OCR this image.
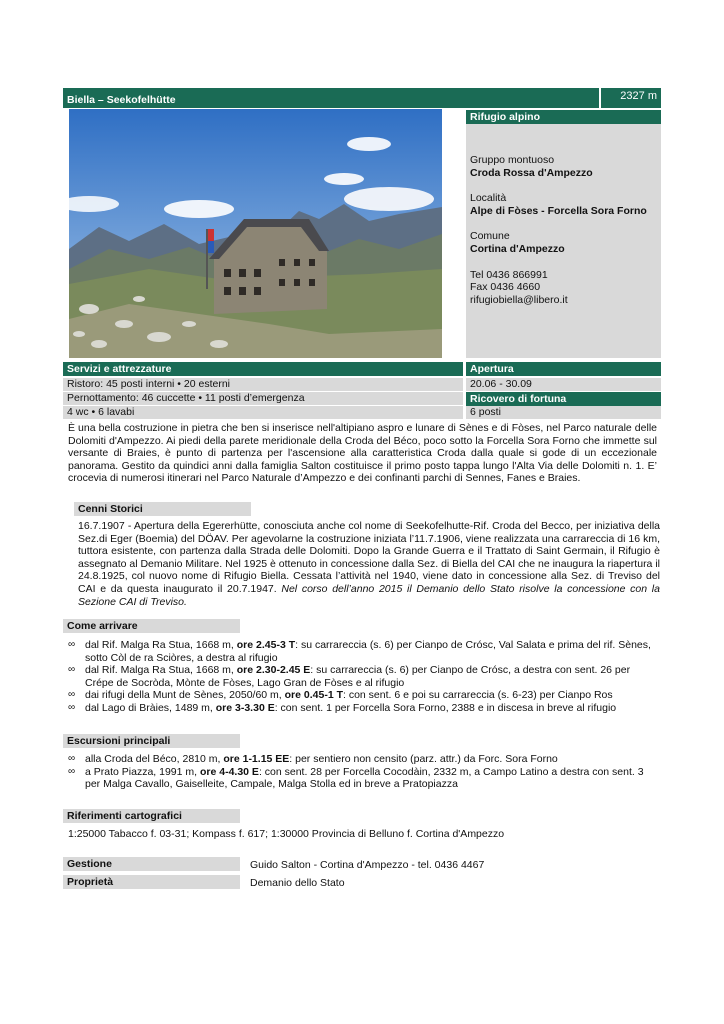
Biella – Seekofelhütte	2327 m
Rifugio alpino
Gruppo montuoso
Croda Rossa d'Ampezzo
Località
Alpe di Fòses - Forcella Sora Forno
Comune
Cortina d'Ampezzo
Tel 0436 866991
Fax 0436 4660
rifugiobiella@libero.it
Servizi e attrezzature
Ristoro: 45 posti interni • 20 esterni
Pernottamento: 46 cuccette • 11 posti d’emergenza
4 wc • 6 lavabi
Apertura
20.06 - 30.09
Ricovero di fortuna
6 posti
È una bella costruzione in pietra che ben si inserisce nell'altipiano aspro e lunare di Sènes e di Fòses, nel Parco naturale delle Dolomiti d'Ampezzo. Ai piedi della parete meridionale della Croda del Béco, poco sotto la Forcella Sora Forno che immette sul versante di Braies, è punto di partenza per l'ascensione alla caratteristica Croda dalla quale si gode di un eccezionale panorama. Gestito da quindici anni dalla famiglia Salton costituisce il primo posto tappa lungo l'Alta Via delle Dolomiti n. 1. E’ crocevia di numerosi itinerari nel Parco Naturale d’Ampezzo e dei confinanti parchi di Sennes, Fanes e Braies.
Cenni Storici
16.7.1907 - Apertura della Egererhütte, conosciuta anche col nome di Seekofelhutte-Rif. Croda del Becco, per iniziativa della Sez.di Eger (Boemia) del DÖAV. Per agevolarne la costruzione iniziata l’11.7.1906, viene realizzata una carrareccia di 16 km, tuttora esistente, con partenza dalla Strada delle Dolomiti. Dopo la Grande Guerra e il Trattato di Saint Germain, il Rifugio è assegnato al Demanio Militare. Nel 1925 è ottenuto in concessione dalla Sez. di Biella del CAI che ne inaugura la riapertura il 24.8.1925, col nuovo nome di Rifugio Biella. Cessata l’attività nel 1940, viene dato in concessione alla Sez. di Treviso del CAI e da questa inaugurato il 20.7.1947. Nel corso dell’anno 2015 il Demanio dello Stato risolve la concessione con la Sezione CAI di Treviso.
Come arrivare
∞ dal Rif. Malga Ra Stua, 1668 m, ore 2.45-3 T: su carrareccia (s. 6) per Cianpo de Crósc, Val Salata e prima del rif. Sènes, sotto Còl de ra Sciòres, a destra al rifugio
∞ dal Rif. Malga Ra Stua, 1668 m, ore 2.30-2.45 E: su carrareccia (s. 6) per Cianpo de Crósc, a destra con sent. 26 per Crépe de Socròda, Mònte de Fòses, Lago Gran de Fòses e al rifugio
∞ dai rifugi della Munt de Sènes, 2050/60 m, ore 0.45-1 T: con sent. 6 e poi su carrareccia (s. 6-23) per Cianpo Ros
∞ dal Lago di Bràies, 1489 m, ore 3-3.30 E: con sent. 1 per Forcella Sora Forno, 2388 e in discesa in breve al rifugio
Escursioni principali
∞ alla Croda del Béco, 2810 m, ore 1-1.15 EE: per sentiero non censito (parz. attr.) da Forc. Sora Forno
∞ a Prato Piazza, 1991 m, ore 4-4.30 E: con sent. 28 per Forcella Cocodàin, 2332 m, a Campo Latino a destra con sent. 3 per Malga Cavallo, Gaiselleite, Campale, Malga Stolla ed in breve a Pratopiazza
Riferimenti cartografici
1:25000 Tabacco f. 03-31; Kompass f. 617; 1:30000 Provincia di Belluno f. Cortina d'Ampezzo
Gestione	Guido Salton - Cortina d'Ampezzo - tel. 0436 4467
Proprietà	Demanio dello Stato
